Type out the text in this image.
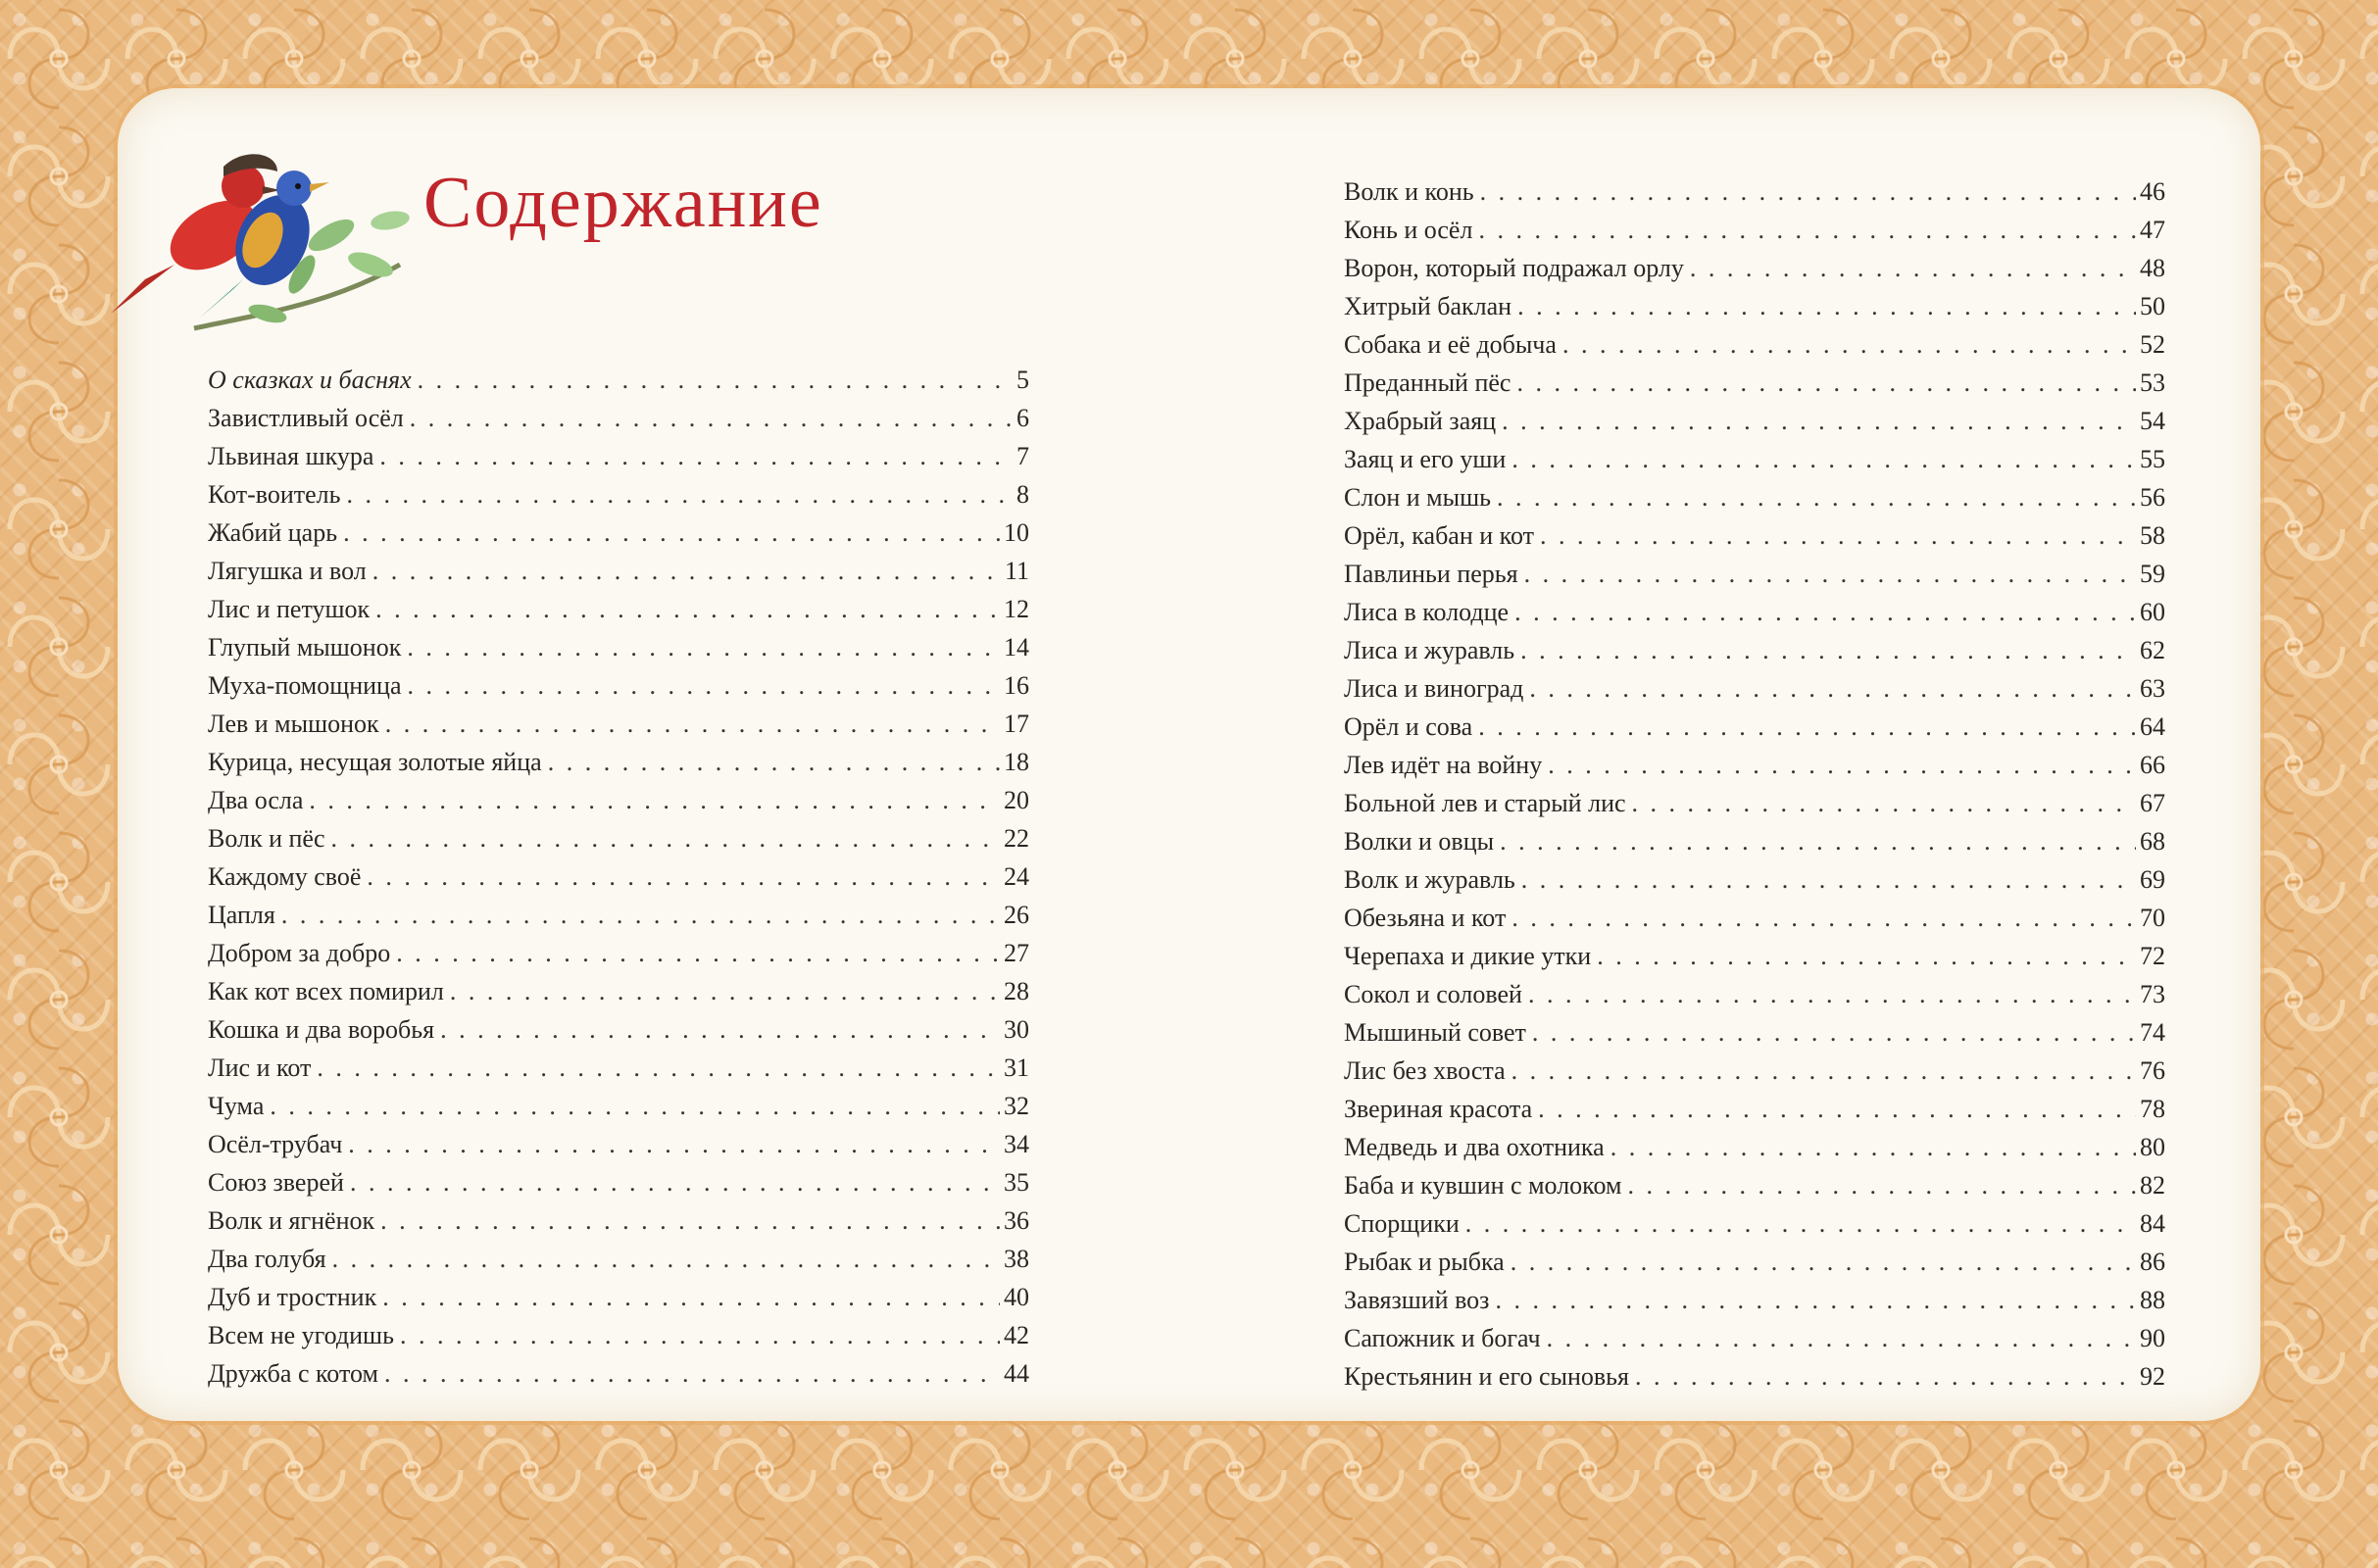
Содержание
О сказках и баснях . . .	5
Завистливый осёл . . .	6
Львиная шкура . . .	7
Кот-воитель . . .	8
Жабий царь . . .	10
Лягушка и вол . . .	11
Лис и петушок . . .	12
Глупый мышонок . . .	14
Муха-помощница . . .	16
Лев и мышонок . . .	17
Курица, несущая золотые яйца . . .	18
Два осла . . .	20
Волк и пёс . . .	22
Каждому своё . . .	24
Цапля . . .	26
Добром за добро . . .	27
Как кот всех помирил . . .	28
Кошка и два воробья . . .	30
Лис и кот . . .	31
Чума . . .	32
Осёл-трубач . . .	34
Союз зверей . . .	35
Волк и ягнёнок . . .	36
Два голубя . . .	38
Дуб и тростник . . .	40
Всем не угодишь . . .	42
Дружба с котом . . .	44
Волк и конь . . .	46
Конь и осёл . . .	47
Ворон, который подражал орлу . . .	48
Хитрый баклан . . .	50
Собака и её добыча . . .	52
Преданный пёс . . .	53
Храбрый заяц . . .	54
Заяц и его уши . . .	55
Слон и мышь . . .	56
Орёл, кабан и кот . . .	58
Павлиньи перья . . .	59
Лиса в колодце . . .	60
Лиса и журавль . . .	62
Лиса и виноград . . .	63
Орёл и сова . . .	64
Лев идёт на войну . . .	66
Больной лев и старый лис . . .	67
Волки и овцы . . .	68
Волк и журавль . . .	69
Обезьяна и кот . . .	70
Черепаха и дикие утки . . .	72
Сокол и соловей . . .	73
Мышиный совет . . .	74
Лис без хвоста . . .	76
Звериная красота . . .	78
Медведь и два охотника . . .	80
Баба и кувшин с молоком . . .	82
Спорщики . . .	84
Рыбак и рыбка . . .	86
Завязший воз . . .	88
Сапожник и богач . . .	90
Крестьянин и его сыновья . . .	92
